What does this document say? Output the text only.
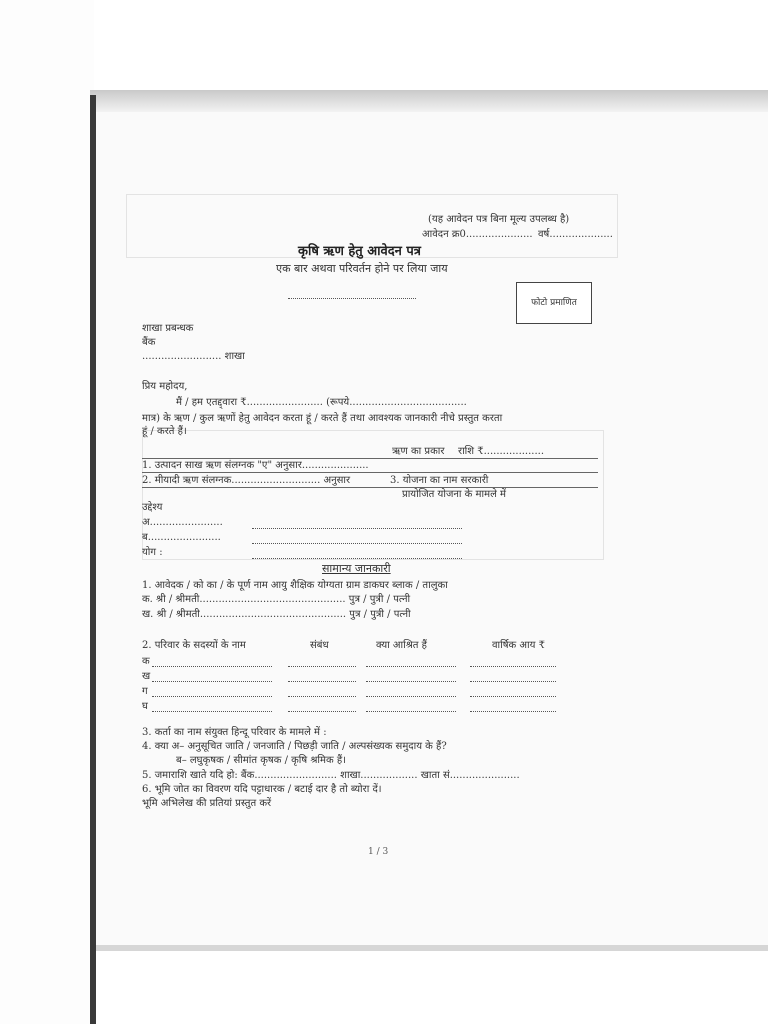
(यह आवेदन पत्र बिना मूल्य उपलब्ध है)
आवेदन क्र0..................... वर्ष....................
कृषि ऋण हेतु आवेदन पत्र
एक बार अथवा परिवर्तन होने पर लिया जाय
फोटो प्रमाणित
शाखा प्रबन्धक
बैंक
......................... शाखा
प्रिय महोदय,
मैं / हम एतद्द्वारा ₹........................ (रूपये.....................................
मात्र) के ऋण / कुल ऋणों हेतु आवेदन करता हूं / करते हैं तथा आवश्यक जानकारी नीचे प्रस्तुत करता
हूं / करते हैं।
ऋण का प्रकार राशि ₹...................
1. उत्पादन साख ऋण संलग्नक "ए" अनुसार.....................
2. मीयादी ऋण संलग्नक............................ अनुसार	3. योजना का नाम सरकारी
प्रायोजित योजना के मामले में
उद्देश्य
अ.......................
ब.......................
योग :
सामान्य जानकारी
1. आवेदक / को का / के पूर्ण नाम आयु शैक्षिक योग्यता ग्राम डाकघर ब्लाक / तालुका
क. श्री / श्रीमती.............................................. पुत्र / पुत्री / पत्नी
ख. श्री / श्रीमती.............................................. पुत्र / पुत्री / पत्नी
2. परिवार के सदस्यों के नाम	संबंध	क्या आश्रित हैं	वार्षिक आय ₹
क
ख
ग
घ
3. कर्ता का नाम संयुक्त हिन्दू परिवार के मामले में :
4. क्या अ– अनुसूचित जाति / जनजाति / पिछड़ी जाति / अल्पसंख्यक समुदाय के हैं?
ब– लघुकृषक / सीमांत कृषक / कृषि श्रमिक हैं।
5. जमाराशि खाते यदि हो: बैंक.......................... शाखा.................. खाता सं......................
6. भूमि जोत का विवरण यदि पट्टाधारक / बटाई दार है तो ब्योरा दें।
भूमि अभिलेख की प्रतियां प्रस्तुत करें
1 / 3
